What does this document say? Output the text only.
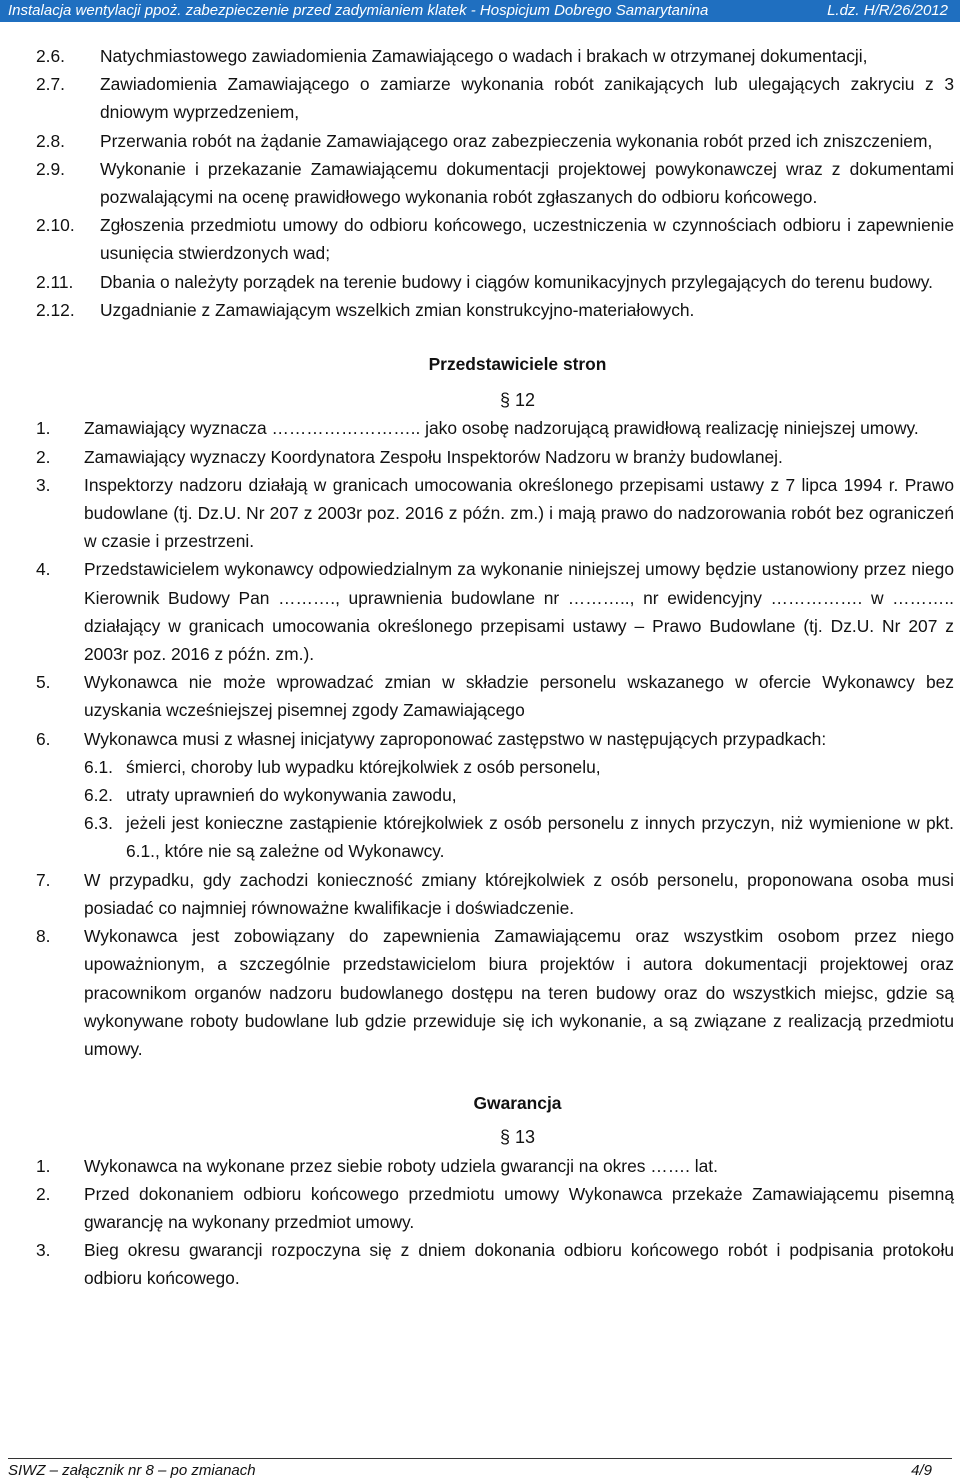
Instalacja wentylacji ppoż. zabezpieczenie przed zadymianiem klatek - Hospicjum Dobrego Samarytanina	L.dz. H/R/26/2012
2.6.	Natychmiastowego zawiadomienia Zamawiającego o wadach i brakach w otrzymanej dokumentacji,
2.7.	Zawiadomienia Zamawiającego o zamiarze wykonania robót zanikających lub ulegających zakryciu z 3 dniowym wyprzedzeniem,
2.8.	Przerwania robót na żądanie Zamawiającego oraz zabezpieczenia wykonania robót przed ich zniszczeniem,
2.9.	Wykonanie i przekazanie Zamawiającemu dokumentacji projektowej powykonawczej wraz z dokumentami pozwalającymi na ocenę prawidłowego wykonania robót zgłaszanych do odbioru końcowego.
2.10.	Zgłoszenia przedmiotu umowy do odbioru końcowego, uczestniczenia w czynnościach odbioru i zapewnienie usunięcia stwierdzonych wad;
2.11.	Dbania o należyty porządek na terenie budowy i ciągów komunikacyjnych przylegających do terenu budowy.
2.12.	Uzgadnianie z Zamawiającym wszelkich zmian konstrukcyjno-materiałowych.
Przedstawiciele stron
§ 12
1.	Zamawiający wyznacza …………………….. jako osobę nadzorującą prawidłową realizację niniejszej umowy.
2.	Zamawiający wyznaczy Koordynatora Zespołu Inspektorów Nadzoru w branży budowlanej.
3.	Inspektorzy nadzoru działają w granicach umocowania określonego przepisami ustawy z 7 lipca 1994 r. Prawo budowlane (tj. Dz.U. Nr 207 z 2003r poz. 2016 z późn. zm.) i mają prawo do nadzorowania robót bez ograniczeń w czasie i przestrzeni.
4.	Przedstawicielem wykonawcy odpowiedzialnym za wykonanie niniejszej umowy będzie ustanowiony przez niego Kierownik Budowy Pan ………., uprawnienia budowlane nr ……….., nr ewidencyjny ……………. w ……….. działający w granicach umocowania określonego przepisami ustawy – Prawo Budowlane (tj. Dz.U. Nr 207 z 2003r poz. 2016 z późn. zm.).
5.	Wykonawca nie może wprowadzać zmian w składzie personelu wskazanego w ofercie Wykonawcy bez uzyskania wcześniejszej pisemnej zgody Zamawiającego
6.	Wykonawca musi z własnej inicjatywy zaproponować zastępstwo w następujących przypadkach:
6.1. śmierci, choroby lub wypadku którejkolwiek z osób personelu,
6.2. utraty uprawnień do wykonywania zawodu,
6.3. jeżeli jest konieczne zastąpienie którejkolwiek z osób personelu z innych przyczyn, niż wymienione w pkt. 6.1., które nie są zależne od Wykonawcy.
7.	W przypadku, gdy zachodzi konieczność zmiany którejkolwiek z osób personelu, proponowana osoba musi posiadać co najmniej równoważne kwalifikacje i doświadczenie.
8.	Wykonawca jest zobowiązany do zapewnienia Zamawiającemu oraz wszystkim osobom przez niego upoważnionym, a szczególnie przedstawicielom biura projektów i autora dokumentacji projektowej oraz pracownikom organów nadzoru budowlanego dostępu na teren budowy oraz do wszystkich miejsc, gdzie są wykonywane roboty budowlane lub gdzie przewiduje się ich wykonanie, a są związane z realizacją przedmiotu umowy.
Gwarancja
§ 13
1.	Wykonawca na wykonane przez siebie roboty udziela gwarancji na okres ……. lat.
2.	Przed dokonaniem odbioru końcowego przedmiotu umowy Wykonawca przekaże Zamawiającemu pisemną gwarancję na wykonany przedmiot umowy.
3.	Bieg okresu gwarancji rozpoczyna się z dniem dokonania odbioru końcowego robót i podpisania protokołu odbioru końcowego.
SIWZ – załącznik nr 8 – po zmianach	4/9
